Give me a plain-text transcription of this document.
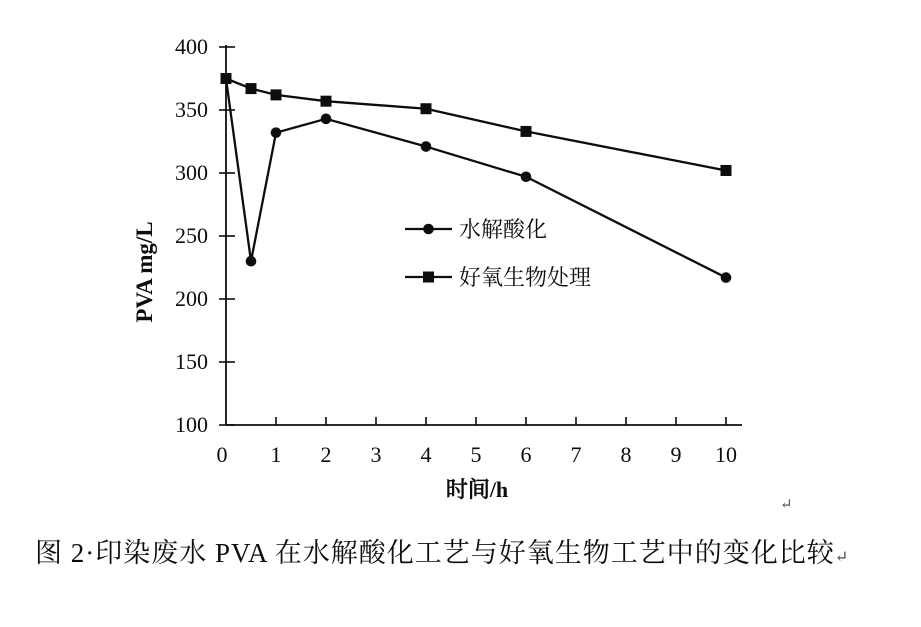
100
150
200
250
300
350
400
0 1 2 3 4 5 6 7 8 9 10
时间/h
PVA mg/L	水解酸化
好氧生物处理
图 2·印染废水 PVA 在水解酸化工艺与好氧生物工艺中的变化比较↵
↵
